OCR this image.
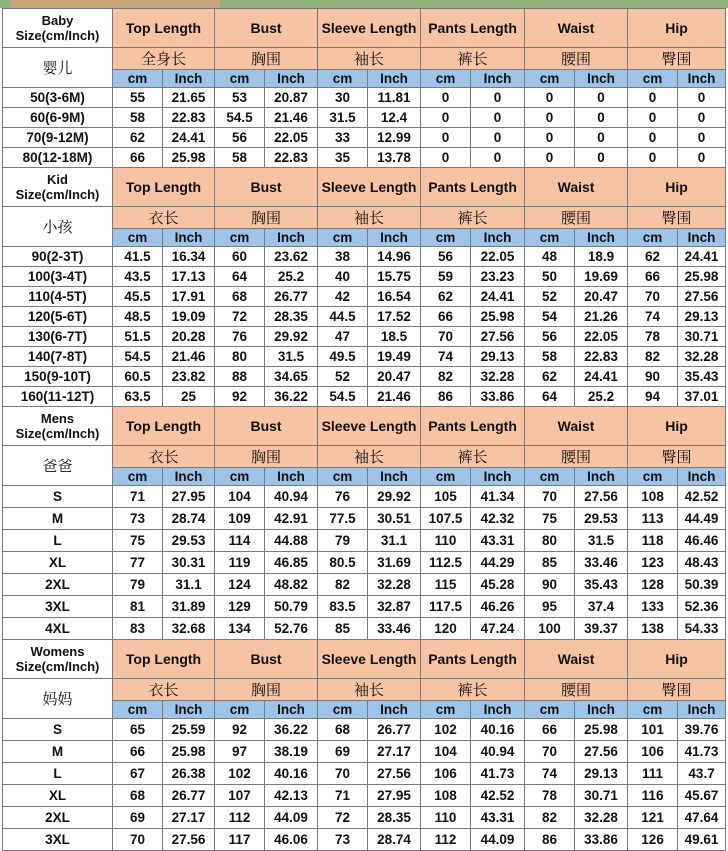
Baby
Size(cm/Inch)	Top Length		Bust		Sleeve Length		Pants Length		Waist		Hip	
婴儿	全身长		胸围		袖长		裤长		腰围		臀围	
	cm	Inch	cm	Inch	cm	Inch	cm	Inch	cm	Inch	cm	Inch
50(3-6M)	55	21.65	53	20.87	30	11.81	0	0	0	0	0	0
60(6-9M)	58	22.83	54.5	21.46	31.5	12.4	0	0	0	0	0	0
70(9-12M)	62	24.41	56	22.05	33	12.99	0	0	0	0	0	0
80(12-18M)	66	25.98	58	22.83	35	13.78	0	0	0	0	0	0
Kid
Size(cm/Inch)	Top Length		Bust		Sleeve Length		Pants Length		Waist		Hip	
小孩	衣长		胸围		袖长		裤长		腰围		臀围	
	cm	Inch	cm	Inch	cm	Inch	cm	Inch	cm	Inch	cm	Inch
90(2-3T)	41.5	16.34	60	23.62	38	14.96	56	22.05	48	18.9	62	24.41
100(3-4T)	43.5	17.13	64	25.2	40	15.75	59	23.23	50	19.69	66	25.98
110(4-5T)	45.5	17.91	68	26.77	42	16.54	62	24.41	52	20.47	70	27.56
120(5-6T)	48.5	19.09	72	28.35	44.5	17.52	66	25.98	54	21.26	74	29.13
130(6-7T)	51.5	20.28	76	29.92	47	18.5	70	27.56	56	22.05	78	30.71
140(7-8T)	54.5	21.46	80	31.5	49.5	19.49	74	29.13	58	22.83	82	32.28
150(9-10T)	60.5	23.82	88	34.65	52	20.47	82	32.28	62	24.41	90	35.43
160(11-12T)	63.5	25	92	36.22	54.5	21.46	86	33.86	64	25.2	94	37.01
Mens
Size(cm/Inch)	Top Length		Bust		Sleeve Length		Pants Length		Waist		Hip	
爸爸	衣长		胸围		袖长		裤长		腰围		臀围	
	cm	Inch	cm	Inch	cm	Inch	cm	Inch	cm	Inch	cm	Inch
S	71	27.95	104	40.94	76	29.92	105	41.34	70	27.56	108	42.52
M	73	28.74	109	42.91	77.5	30.51	107.5	42.32	75	29.53	113	44.49
L	75	29.53	114	44.88	79	31.1	110	43.31	80	31.5	118	46.46
XL	77	30.31	119	46.85	80.5	31.69	112.5	44.29	85	33.46	123	48.43
2XL	79	31.1	124	48.82	82	32.28	115	45.28	90	35.43	128	50.39
3XL	81	31.89	129	50.79	83.5	32.87	117.5	46.26	95	37.4	133	52.36
4XL	83	32.68	134	52.76	85	33.46	120	47.24	100	39.37	138	54.33
Womens
Size(cm/Inch)	Top Length		Bust		Sleeve Length		Pants Length		Waist		Hip	
妈妈	衣长		胸围		袖长		裤长		腰围		臀围	
	cm	Inch	cm	Inch	cm	Inch	cm	Inch	cm	Inch	cm	Inch
S	65	25.59	92	36.22	68	26.77	102	40.16	66	25.98	101	39.76
M	66	25.98	97	38.19	69	27.17	104	40.94	70	27.56	106	41.73
L	67	26.38	102	40.16	70	27.56	106	41.73	74	29.13	111	43.7
XL	68	26.77	107	42.13	71	27.95	108	42.52	78	30.71	116	45.67
2XL	69	27.17	112	44.09	72	28.35	110	43.31	82	32.28	121	47.64
3XL	70	27.56	117	46.06	73	28.74	112	44.09	86	33.86	126	49.61
